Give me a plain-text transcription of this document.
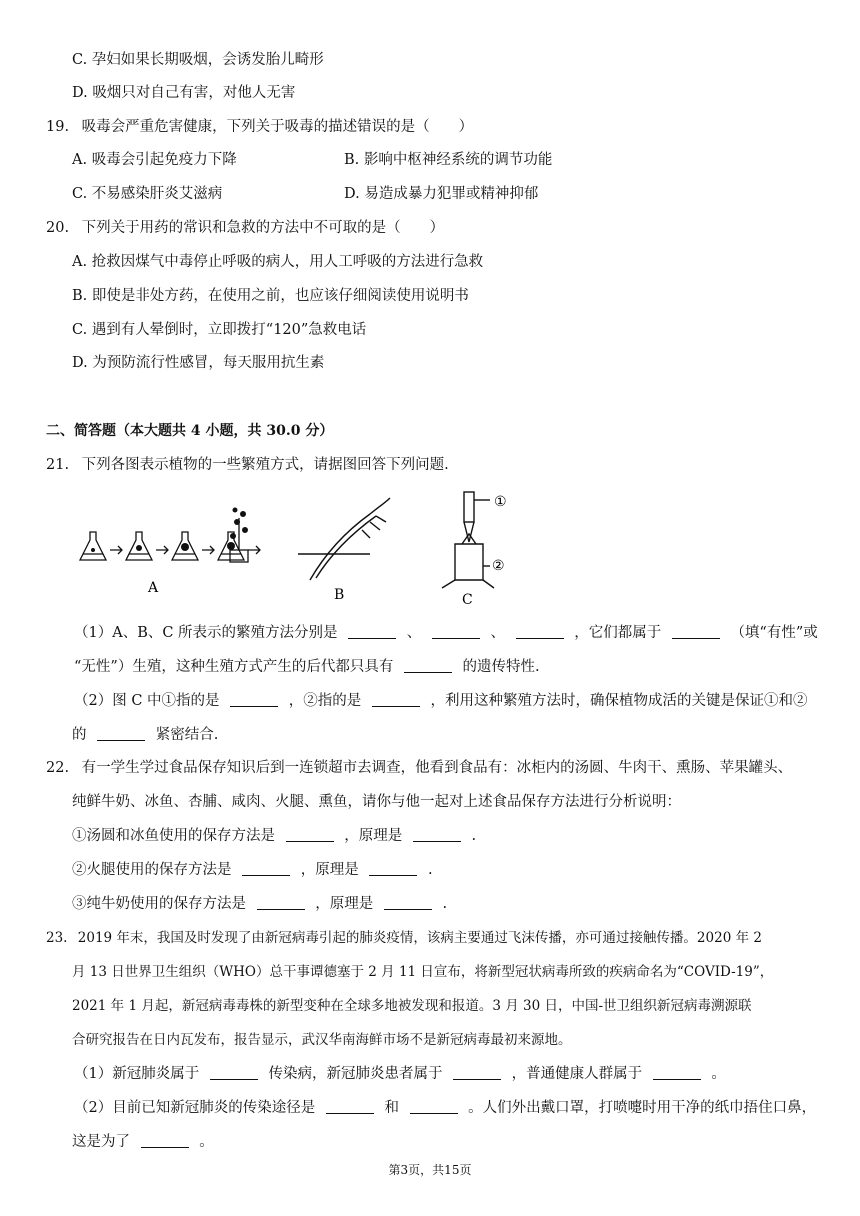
C. 孕妇如果长期吸烟，会诱发胎儿畸形
D. 吸烟只对自己有害，对他人无害
19. 吸毒会严重危害健康，下列关于吸毒的描述错误的是（　　）
A. 吸毒会引起免疫力下降	B. 影响中枢神经系统的调节功能
C. 不易感染肝炎艾滋病	D. 易造成暴力犯罪或精神抑郁
20. 下列关于用药的常识和急救的方法中不可取的是（　　）
A. 抢救因煤气中毒停止呼吸的病人，用人工呼吸的方法进行急救
B. 即使是非处方药，在使用之前，也应该仔细阅读使用说明书
C. 遇到有人晕倒时，立即拨打“120”急救电话
D. 为预防流行性感冒，每天服用抗生素
二、简答题（本大题共 4 小题，共 30.0 分）
21. 下列各图表示植物的一些繁殖方式，请据图回答下列问题.
A	B
①
②
C
（1）A、B、C 所表示的繁殖方法分别是	、	、	，它们都属于	（填“有性”或
“无性”）生殖，这种生殖方式产生的后代都只具有	的遗传特性.
（2）图 C 中①指的是	，②指的是	，利用这种繁殖方法时，确保植物成活的关键是保证①和②
的	紧密结合.
22. 有一学生学过食品保存知识后到一连锁超市去调查，他看到食品有：冰柜内的汤圆、牛肉干、熏肠、苹果罐头、
纯鲜牛奶、冰鱼、杏脯、咸肉、火腿、熏鱼，请你与他一起对上述食品保存方法进行分析说明：
①汤圆和冰鱼使用的保存方法是	，原理是	.
②火腿使用的保存方法是	，原理是	.
③纯牛奶使用的保存方法是	，原理是	.
23. 2019 年末，我国及时发现了由新冠病毒引起的肺炎疫情，该病主要通过飞沫传播，亦可通过接触传播。2020 年 2
月 13 日世界卫生组织（WHO）总干事谭德塞于 2 月 11 日宣布，将新型冠状病毒所致的疾病命名为“COVID-19”，
2021 年 1 月起，新冠病毒毒株的新型变种在全球多地被发现和报道。3 月 30 日，中国-世卫组织新冠病毒溯源联
合研究报告在日内瓦发布，报告显示，武汉华南海鲜市场不是新冠病毒最初来源地。
（1）新冠肺炎属于	传染病，新冠肺炎患者属于	，普通健康人群属于	。
（2）目前已知新冠肺炎的传染途径是	和	。人们外出戴口罩，打喷嚏时用干净的纸巾捂住口鼻，
这是为了	。
第3页，共15页
